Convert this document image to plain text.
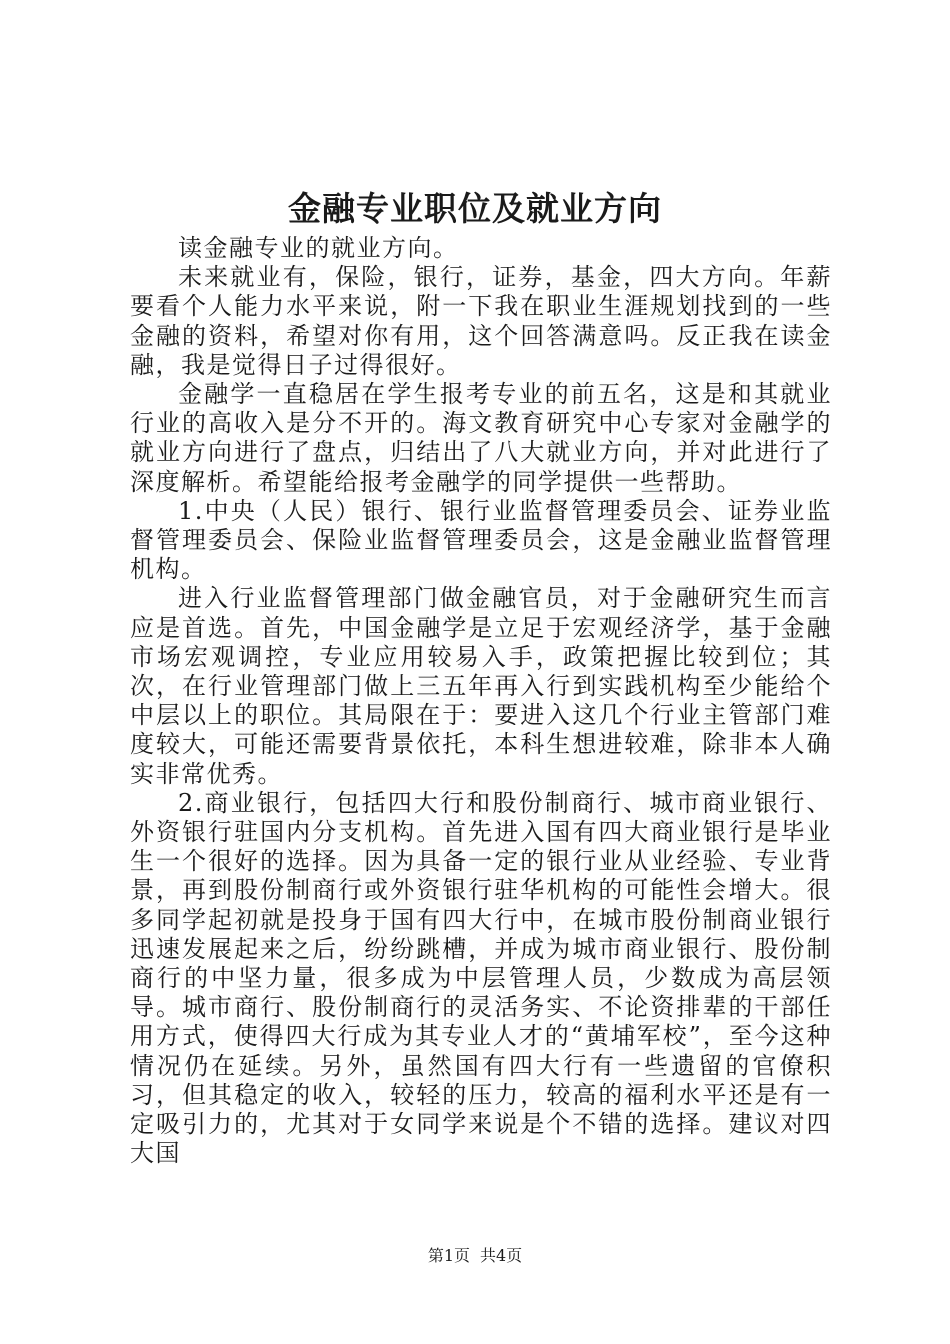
金融专业职位及就业方向

读金融专业的就业方向。

未来就业有，保险，银行，证券，基金，四大方向。年薪要看个人能力水平来说，附一下我在职业生涯规划找到的一些金融的资料，希望对你有用，这个回答满意吗。反正我在读金融，我是觉得日子过得很好。

金融学一直稳居在学生报考专业的前五名，这是和其就业行业的高收入是分不开的。海文教育研究中心专家对金融学的就业方向进行了盘点，归结出了八大就业方向，并对此进行了深度解析。希望能给报考金融学的同学提供一些帮助。

1.中央（人民）银行、银行业监督管理委员会、证券业监督管理委员会、保险业监督管理委员会，这是金融业监督管理机构。

进入行业监督管理部门做金融官员，对于金融研究生而言应是首选。首先，中国金融学是立足于宏观经济学，基于金融市场宏观调控，专业应用较易入手，政策把握比较到位；其次，在行业管理部门做上三五年再入行到实践机构至少能给个中层以上的职位。其局限在于：要进入这几个行业主管部门难度较大，可能还需要背景依托，本科生想进较难，除非本人确实非常优秀。

2.商业银行，包括四大行和股份制商行、城市商业银行、外资银行驻国内分支机构。首先进入国有四大商业银行是毕业生一个很好的选择。因为具备一定的银行业从业经验、专业背景，再到股份制商行或外资银行驻华机构的可能性会增大。很多同学起初就是投身于国有四大行中，在城市股份制商业银行迅速发展起来之后，纷纷跳槽，并成为城市商业银行、股份制商行的中坚力量，很多成为中层管理人员，少数成为高层领导。城市商行、股份制商行的灵活务实、不论资排辈的干部任用方式，使得四大行成为其专业人才的“黄埔军校”，至今这种情况仍在延续。另外，虽然国有四大行有一些遗留的官僚积习，但其稳定的收入，较轻的压力，较高的福利水平还是有一定吸引力的，尤其对于女同学来说是个不错的选择。建议对四大国

第1页 共4页
